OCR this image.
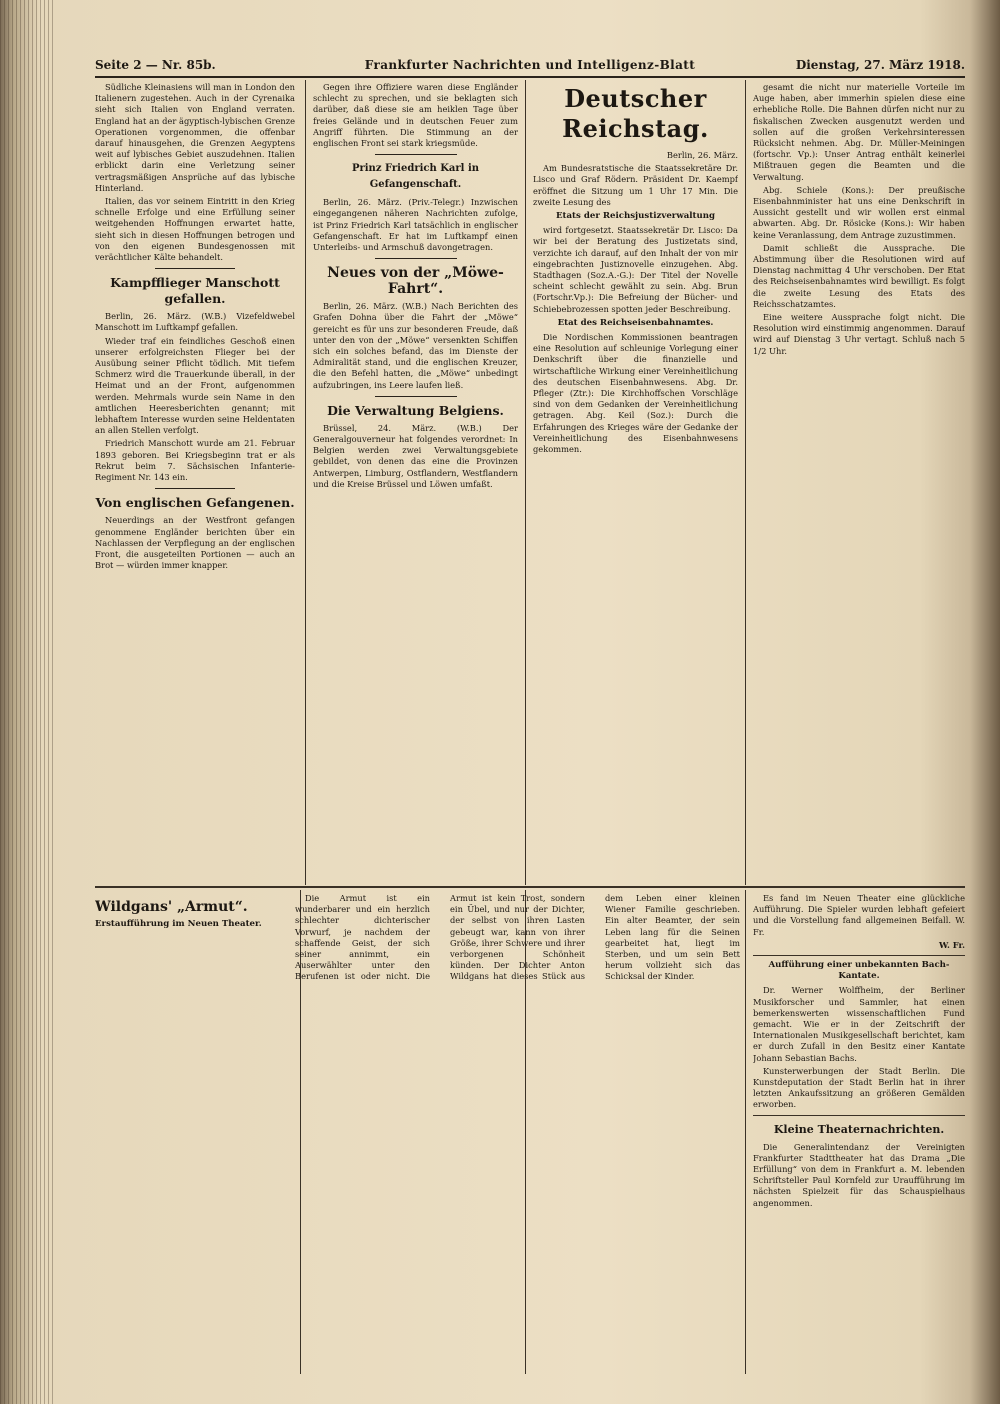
Seite 2 — Nr. 85b.	Frankfurter Nachrichten und Intelligenz-Blatt	Dienstag, 27. März 1918.

Südliche Kleinasiens will man in London den Italienern zugestehen. Auch in der Cyrenaika sieht sich Italien von England verraten. England hat an der ägyptisch-lybischen Grenze Operationen vorgenommen, die offenbar darauf hinausgehen, die Grenzen Aegyptens weit auf lybisches Gebiet auszudehnen. Italien erblickt darin eine Verletzung seiner vertragsmäßigen Ansprüche auf das lybische Hinterland.

Italien, das vor seinem Eintritt in den Krieg schnelle Erfolge und eine Erfüllung seiner weitgehenden Hoffnungen erwartet hatte, sieht sich in diesen Hoffnungen betrogen und von den eigenen Bundesgenossen mit verächtlicher Kälte behandelt.

Kampfflieger Manschott gefallen.

Berlin, 26. März. (W.B.) Vizefeldwebel Manschott im Luftkampf gefallen.

Wieder traf ein feindliches Geschoß einen unserer erfolgreichsten Flieger bei der Ausübung seiner Pflicht tödlich. Mit tiefem Schmerz wird die Trauerkunde überall, in der Heimat und an der Front, aufgenommen werden. Mehrmals wurde sein Name in den amtlichen Heeresberichten genannt; mit lebhaftem Interesse wurden seine Heldentaten an allen Stellen verfolgt.

Friedrich Manschott wurde am 21. Februar 1893 geboren. Bei Kriegsbeginn trat er als Rekrut beim 7. Sächsischen Infanterie-Regiment Nr. 143 ein.

Von englischen Gefangenen.

Neuerdings an der Westfront gefangen genommene Engländer berichten über ein Nachlassen der Verpflegung an der englischen Front, die ausgeteilten Portionen — auch an Brot — würden immer knapper.

Gegen ihre Offiziere waren diese Engländer schlecht zu sprechen, und sie beklagten sich darüber, daß diese sie am heiklen Tage über freies Gelände und in deutschen Feuer zum Angriff führten. Die Stimmung an der englischen Front sei stark kriegsmüde.

Prinz Friedrich Karl in Gefangenschaft.

Berlin, 26. März. (Priv.-Telegr.) Inzwischen eingegangenen näheren Nachrichten zufolge, ist Prinz Friedrich Karl tatsächlich in englischer Gefangenschaft. Er hat im Luftkampf einen Unterleibs- und Armschuß davongetragen.

Neues von der „Möwe-Fahrt“.

Berlin, 26. März. (W.B.) Nach Berichten des Grafen Dohna über die Fahrt der „Möwe“ gereicht es für uns zur besonderen Freude, daß unter den von der „Möwe“ versenkten Schiffen sich ein solches befand, das im Dienste der Admiralität stand, und die englischen Kreuzer, die den Befehl hatten, die „Möwe“ unbedingt aufzubringen, ins Leere laufen ließ.

Die Verwaltung Belgiens.

Brüssel, 24. März. (W.B.) Der Generalgouverneur hat folgendes verordnet: In Belgien werden zwei Verwaltungsgebiete gebildet, von denen das eine die Provinzen Antwerpen, Limburg, Ostflandern, Westflandern und die Kreise Brüssel und Löwen umfaßt.

Deutscher Reichstag.

Berlin, 26. März.

Am Bundesratstische die Staatssekretäre Dr. Lisco und Graf Rödern. Präsident Dr. Kaempf eröffnet die Sitzung um 1 Uhr 17 Min. Die zweite Lesung des

Etats der Reichsjustizverwaltung

wird fortgesetzt. Staatssekretär Dr. Lisco: Da wir bei der Beratung des Justizetats sind, verzichte ich darauf, auf den Inhalt der von mir eingebrachten Justiznovelle einzugehen. Abg. Stadthagen (Soz.A.-G.): Der Titel der Novelle scheint schlecht gewählt zu sein. Abg. Brun (Fortschr.Vp.): Die Befreiung der Bücher- und Schiebebrozessen spotten jeder Beschreibung.

Etat des Reichseisenbahnamtes.

Die Nordischen Kommissionen beantragen eine Resolution auf schleunige Vorlegung einer Denkschrift über die finanzielle und wirtschaftliche Wirkung einer Vereinheitlichung des deutschen Eisenbahnwesens. Abg. Dr. Pfleger (Ztr.): Die Kirchhoffschen Vorschläge sind von dem Gedanken der Vereinheitlichung getragen. Abg. Keil (Soz.): Durch die Erfahrungen des Krieges wäre der Gedanke der Vereinheitlichung des Eisenbahnwesens gekommen.

gesamt die nicht nur materielle Vorteile im Auge haben, aber immerhin spielen diese eine erhebliche Rolle. Die Bahnen dürfen nicht nur zu fiskalischen Zwecken ausgenutzt werden und sollen auf die großen Verkehrsinteressen Rücksicht nehmen. Abg. Dr. Müller-Meiningen (fortschr. Vp.): Unser Antrag enthält keinerlei Mißtrauen gegen die Beamten und die Verwaltung.

Abg. Schiele (Kons.): Der preußische Eisenbahnminister hat uns eine Denkschrift in Aussicht gestellt und wir wollen erst einmal abwarten. Abg. Dr. Rösicke (Kons.): Wir haben keine Veranlassung, dem Antrage zuzustimmen.

Damit schließt die Aussprache. Die Abstimmung über die Resolutionen wird auf Dienstag nachmittag 4 Uhr verschoben. Der Etat des Reichseisenbahnamtes wird bewilligt. Es folgt die zweite Lesung des Etats des Reichsschatzamtes.

Eine weitere Aussprache folgt nicht. Die Resolution wird einstimmig angenommen. Darauf wird auf Dienstag 3 Uhr vertagt. Schluß nach 5 1/2 Uhr.

Wildgans' „Armut“.
Erstaufführung im Neuen Theater.

Die Armut ist ein wunderbarer und ein herzlich schlechter dichterischer Vorwurf, je nachdem der schaffende Geist, der sich seiner annimmt, ein Auserwählter unter den Berufenen ist oder nicht. Die Armut ist kein Trost, sondern ein Übel, und nur der Dichter, der selbst von ihren Lasten gebeugt war, kann von ihrer Größe, ihrer Schwere und ihrer verborgenen Schönheit künden. Der Dichter Anton Wildgans hat dieses Stück aus dem Leben einer kleinen Wiener Familie geschrieben. Ein alter Beamter, der sein Leben lang für die Seinen gearbeitet hat, liegt im Sterben, und um sein Bett herum vollzieht sich das Schicksal der Kinder.

Es fand im Neuen Theater eine glückliche Aufführung. Die Spieler wurden lebhaft gefeiert und die Vorstellung fand allgemeinen Beifall. W. Fr.

W. Fr.

Aufführung einer unbekannten Bach-Kantate.

Dr. Werner Wolffheim, der Berliner Musikforscher und Sammler, hat einen bemerkenswerten wissenschaftlichen Fund gemacht. Wie er in der Zeitschrift der Internationalen Musikgesellschaft berichtet, kam er durch Zufall in den Besitz einer Kantate Johann Sebastian Bachs.

Kunsterwerbungen der Stadt Berlin. Die Kunstdeputation der Stadt Berlin hat in ihrer letzten Ankaufssitzung an größeren Gemälden erworben.

Kleine Theaternachrichten.

Die Generalintendanz der Vereinigten Frankfurter Stadttheater hat das Drama „Die Erfüllung“ von dem in Frankfurt a. M. lebenden Schriftsteller Paul Kornfeld zur Uraufführung im nächsten Spielzeit für das Schauspielhaus angenommen.
